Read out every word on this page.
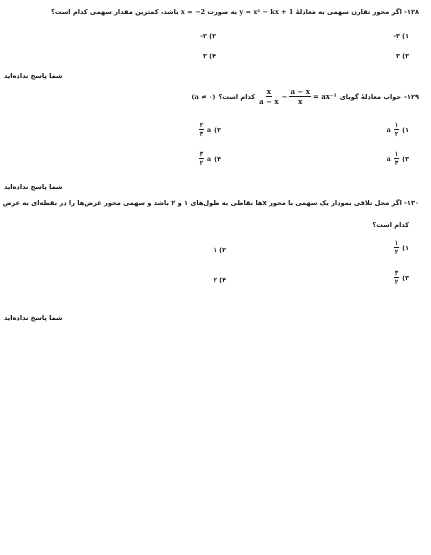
۱۲۸- اگر محور تقارن سهمی به معادلهٔ y = x² − kx + 1 به صورت x = −2 باشد، کمترین مقدار سهمی کدام است؟
۱) ۳-
۲) ۲-
۳) ۳
۴) ۳
شما پاسخ نداده‌اید
۱۲۹-
جواب معادلهٔ گویای
$\frac{x}{a - x} - \frac{a - x}{x} = ax^{-1}$
کدام است؟
(a ≠ ۰)
۱)
$\frac{۱}{۲}$
a
۲)
a
$\frac{۲}{۳}$
۳)
$\frac{۱}{۳}$
a
۴)
a
$\frac{۳}{۲}$
شما پاسخ نداده‌اید
۱۳۰- اگر محل تلاقی نمودار یک سهمی با محور xها نقاطی به طول‌های ۱ و ۲ باشد و سهمی محور عرض‌ها را در نقطه‌ای به عرض
کدام است؟
۱)
$\frac{۱}{۲}$
۲) ۱
۳)
$\frac{۳}{۲}$
۴) ۲
شما پاسخ نداده‌اید
